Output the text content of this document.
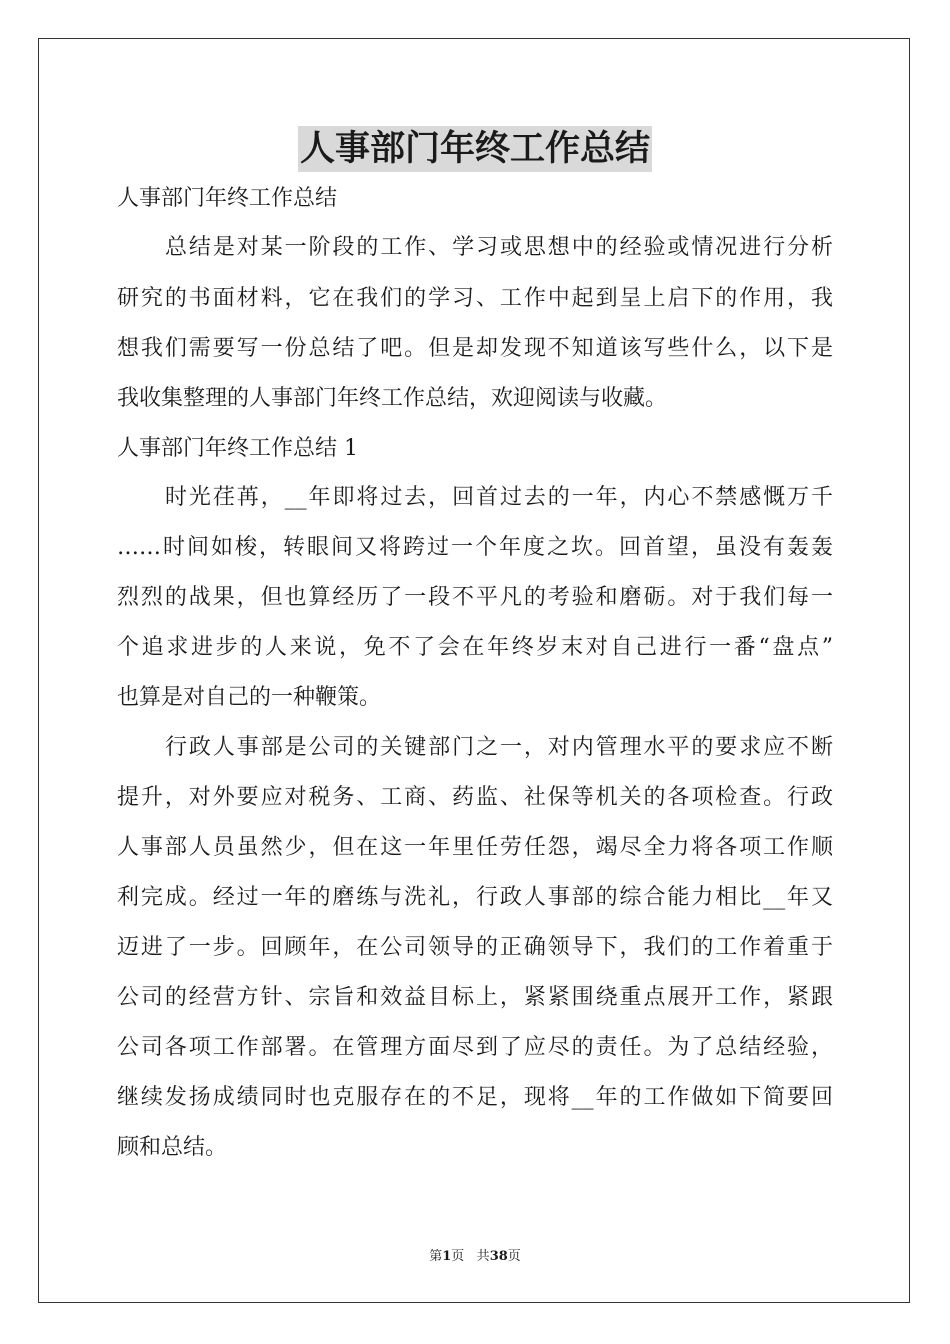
人事部门年终工作总结

人事部门年终工作总结

总结是对某一阶段的工作、学习或思想中的经验或情况进行分析

研究的书面材料，它在我们的学习、工作中起到呈上启下的作用，我

想我们需要写一份总结了吧。但是却发现不知道该写些什么，以下是

我收集整理的人事部门年终工作总结，欢迎阅读与收藏。

人事部门年终工作总结 1

时光荏苒，__年即将过去，回首过去的一年，内心不禁感慨万千

……时间如梭，转眼间又将跨过一个年度之坎。回首望，虽没有轰轰

烈烈的战果，但也算经历了一段不平凡的考验和磨砺。对于我们每一

个追求进步的人来说，免不了会在年终岁末对自己进行一番“盘点”

也算是对自己的一种鞭策。

行政人事部是公司的关键部门之一，对内管理水平的要求应不断

提升，对外要应对税务、工商、药监、社保等机关的各项检查。行政

人事部人员虽然少，但在这一年里任劳任怨，竭尽全力将各项工作顺

利完成。经过一年的磨练与洗礼，行政人事部的综合能力相比__年又

迈进了一步。回顾年，在公司领导的正确领导下，我们的工作着重于

公司的经营方针、宗旨和效益目标上，紧紧围绕重点展开工作，紧跟

公司各项工作部署。在管理方面尽到了应尽的责任。为了总结经验，

继续发扬成绩同时也克服存在的不足，现将__年的工作做如下简要回

顾和总结。

第1页 共38页
